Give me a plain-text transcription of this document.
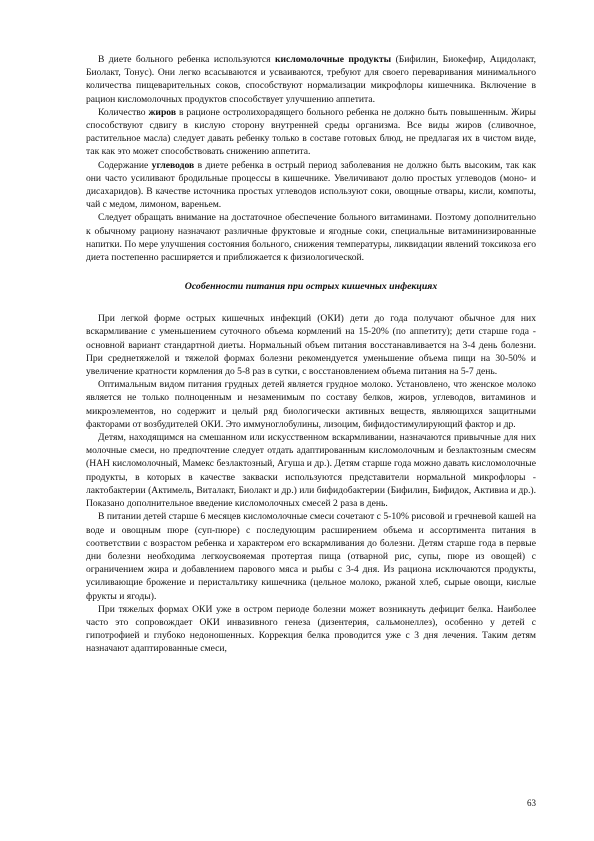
В диете больного ребенка используются кисломолочные продукты (Бифилин, Биокефир, Ацидолакт, Биолакт, Тонус). Они легко всасываются и усваиваются, требуют для своего переваривания минимального количества пищеварительных соков, способствуют нормализации микрофлоры кишечника. Включение в рацион кисломолочных продуктов способствует улучшению аппетита.

Количество жиров в рационе остролихорадящего больного ребенка не должно быть повышенным. Жиры способствуют сдвигу в кислую сторону внутренней среды организма. Все виды жиров (сливочное, растительное масла) следует давать ребенку только в составе готовых блюд, не предлагая их в чистом виде, так как это может способствовать снижению аппетита.

Содержание углеводов в диете ребенка в острый период заболевания не должно быть высоким, так как они часто усиливают бродильные процессы в кишечнике. Увеличивают долю простых углеводов (моно- и дисахаридов). В качестве источника простых углеводов используют соки, овощные отвары, кисли, компоты, чай с медом, лимоном, вареньем.

Следует обращать внимание на достаточное обеспечение больного витаминами. Поэтому дополнительно к обычному рациону назначают различные фруктовые и ягодные соки, специальные витаминизированные напитки. По мере улучшения состояния больного, снижения температуры, ликвидации явлений токсикоза его диета постепенно расширяется и приближается к физиологической.

Особенности питания при острых кишечных инфекциях

При легкой форме острых кишечных инфекций (ОКИ) дети до года получают обычное для них вскармливание с уменьшением суточного объема кормлений на 15-20% (по аппетиту); дети старше года - основной вариант стандартной диеты. Нормальный объем питания восстанавливается на 3-4 день болезни. При среднетяжелой и тяжелой формах болезни рекомендуется уменьшение объема пищи на 30-50% и увеличение кратности кормления до 5-8 раз в сутки, с восстановлением объема питания на 5-7 день.

Оптимальным видом питания грудных детей является грудное молоко. Установлено, что женское молоко является не только полноценным и незаменимым по составу белков, жиров, углеводов, витаминов и микроэлементов, но содержит и целый ряд биологически активных веществ, являющихся защитными факторами от возбудителей ОКИ. Это иммуноглобулины, лизоцим, бифидостимулирующий фактор и др.

Детям, находящимся на смешанном или искусственном вскармливании, назначаются привычные для них молочные смеси, но предпочтение следует отдать адаптированным кисломолочным и безлактозным смесям (НАН кисломолочный, Мамекс безлактозный, Агуша и др.). Детям старше года можно давать кисломолочные продукты, в которых в качестве закваски используются представители нормальной микрофлоры - лактобактерии (Актимель, Виталакт, Биолакт и др.) или бифидобактерии (Бифилин, Бифидок, Активиа и др.). Показано дополнительное введение кисломолочных смесей 2 раза в день.

В питании детей старше 6 месяцев кисломолочные смеси сочетают с 5-10% рисовой и гречневой кашей на воде и овощным пюре (суп-пюре) с последующим расширением объема и ассортимента питания в соответствии с возрастом ребенка и характером его вскармливания до болезни. Детям старше года в первые дни болезни необходима легкоусвояемая протертая пища (отварной рис, супы, пюре из овощей) с ограничением жира и добавлением парового мяса и рыбы с 3-4 дня. Из рациона исключаются продукты, усиливающие брожение и перистальтику кишечника (цельное молоко, ржаной хлеб, сырые овощи, кислые фрукты и ягоды).

При тяжелых формах ОКИ уже в остром периоде болезни может возникнуть дефицит белка. Наиболее часто это сопровождает ОКИ инвазивного генеза (дизентерия, сальмонеллез), особенно у детей с гипотрофией и глубоко недоношенных. Коррекция белка проводится уже с 3 дня лечения. Таким детям назначают адаптированные смеси,

63
